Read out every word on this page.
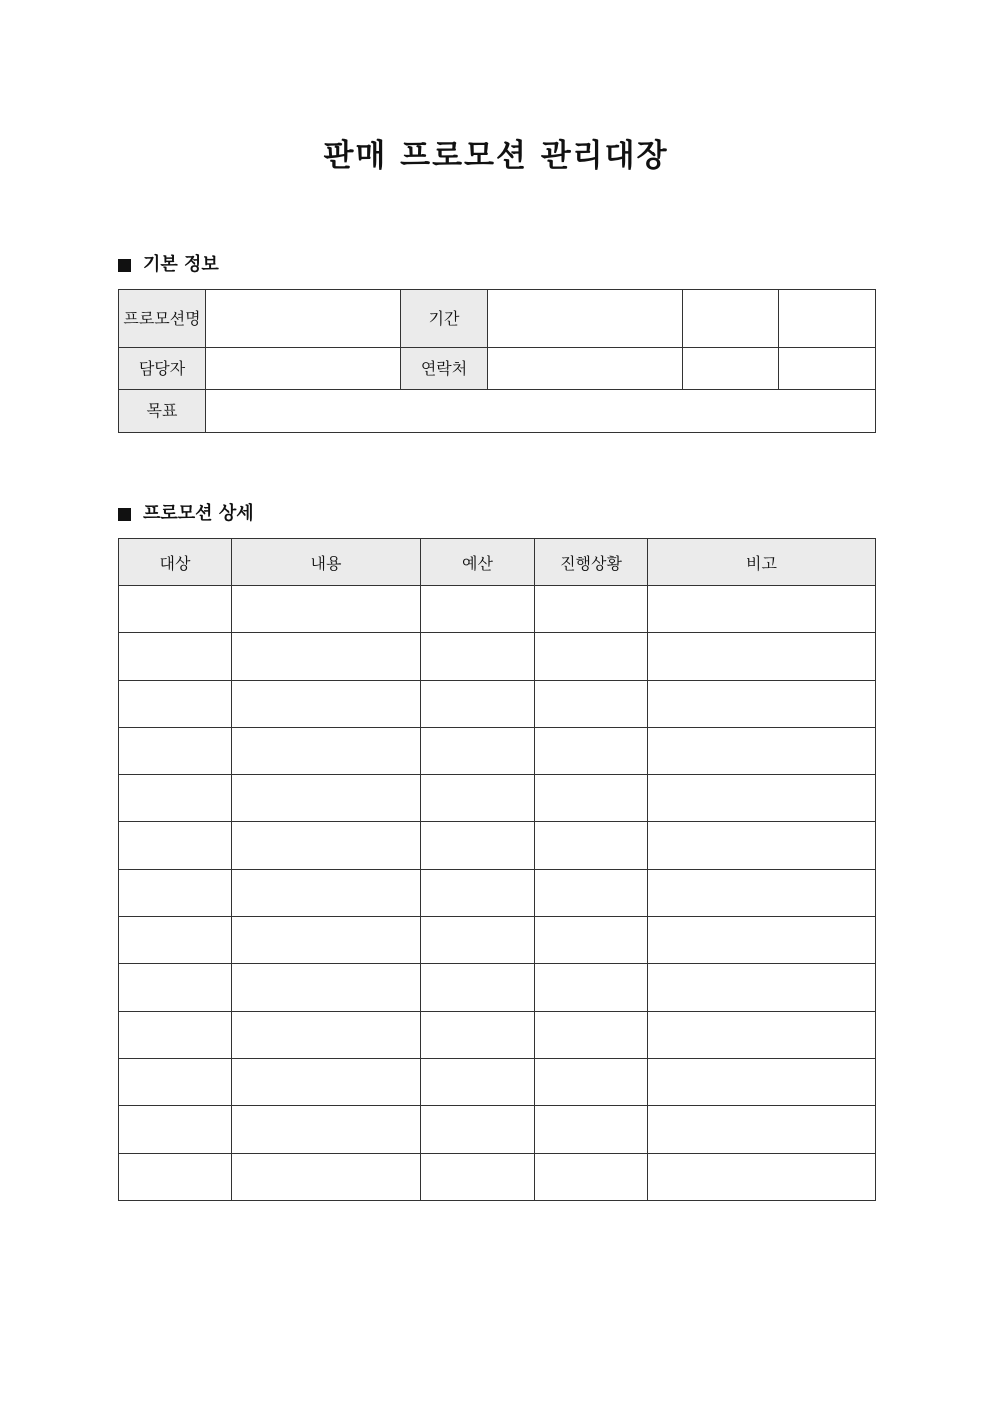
판매 프로모션 관리대장
기본 정보
프로모션명		기간			
담당자		연락처			
목표					
프로모션 상세
대상	내용	예산	진행상황	비고
